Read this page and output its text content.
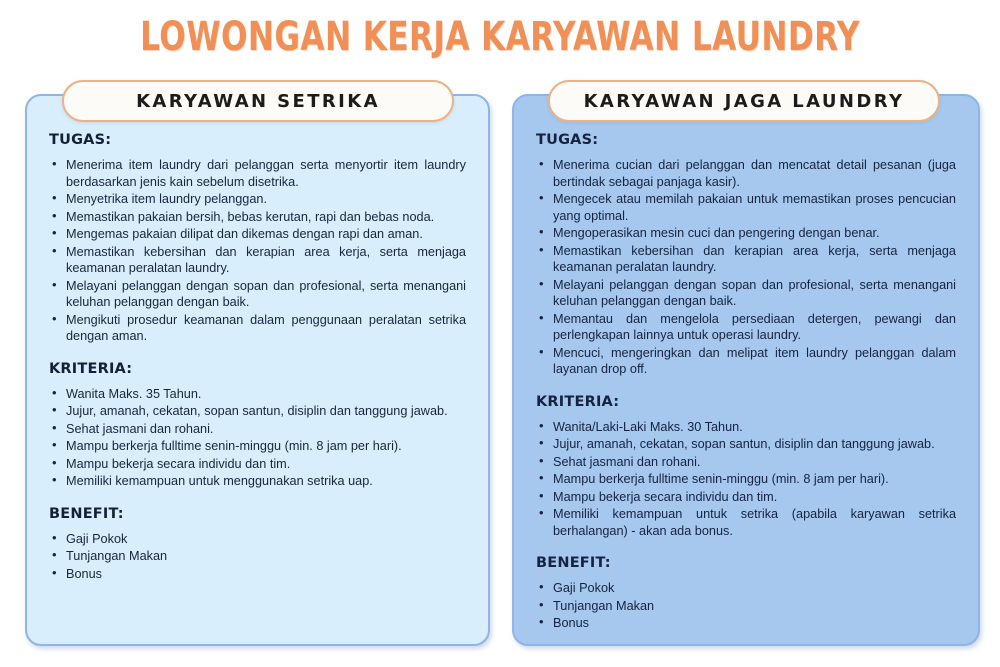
LOWONGAN KERJA KARYAWAN LAUNDRY
TUGAS:
• Menerima item laundry dari pelanggan serta menyortir item laundry berdasarkan jenis kain sebelum disetrika.
• Menyetrika item laundry pelanggan.
• Memastikan pakaian bersih, bebas kerutan, rapi dan bebas noda.
• Mengemas pakaian dilipat dan dikemas dengan rapi dan aman.
• Memastikan kebersihan dan kerapian area kerja, serta menjaga keamanan peralatan laundry.
• Melayani pelanggan dengan sopan dan profesional, serta menangani keluhan pelanggan dengan baik.
• Mengikuti prosedur keamanan dalam penggunaan peralatan setrika dengan aman.
KRITERIA:
• Wanita Maks. 35 Tahun.
• Jujur, amanah, cekatan, sopan santun, disiplin dan tanggung jawab.
• Sehat jasmani dan rohani.
• Mampu berkerja fulltime senin-minggu (min. 8 jam per hari).
• Mampu bekerja secara individu dan tim.
• Memiliki kemampuan untuk menggunakan setrika uap.
BENEFIT:
• Gaji Pokok
• Tunjangan Makan
• Bonus
TUGAS:
• Menerima cucian dari pelanggan dan mencatat detail pesanan (juga bertindak sebagai panjaga kasir).
• Mengecek atau memilah pakaian untuk memastikan proses pencucian yang optimal.
• Mengoperasikan mesin cuci dan pengering dengan benar.
• Memastikan kebersihan dan kerapian area kerja, serta menjaga keamanan peralatan laundry.
• Melayani pelanggan dengan sopan dan profesional, serta menangani keluhan pelanggan dengan baik.
• Memantau dan mengelola persediaan detergen, pewangi dan perlengkapan lainnya untuk operasi laundry.
• Mencuci, mengeringkan dan melipat item laundry pelanggan dalam layanan drop off.
KRITERIA:
• Wanita/Laki-Laki Maks. 30 Tahun.
• Jujur, amanah, cekatan, sopan santun, disiplin dan tanggung jawab.
• Sehat jasmani dan rohani.
• Mampu berkerja fulltime senin-minggu (min. 8 jam per hari).
• Mampu bekerja secara individu dan tim.
• Memiliki kemampuan untuk setrika (apabila karyawan setrika berhalangan) - akan ada bonus.
BENEFIT:
• Gaji Pokok
• Tunjangan Makan
• Bonus
KARYAWAN SETRIKA	KARYAWAN JAGA LAUNDRY
